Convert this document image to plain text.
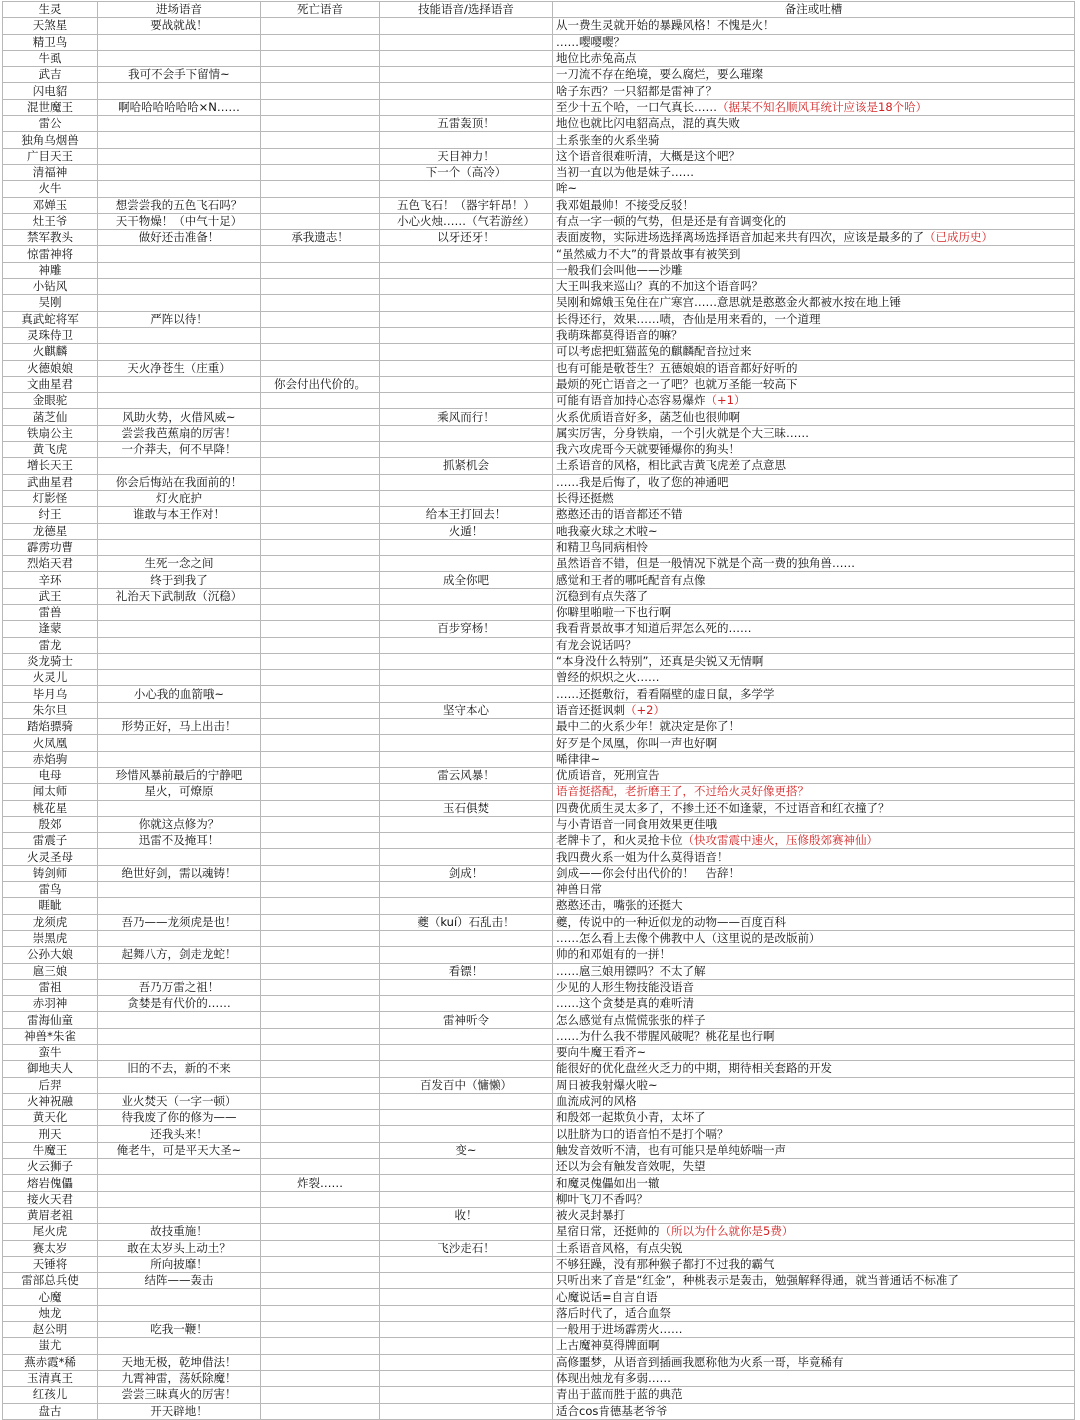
生灵	进场语音	死亡语音	技能语音/选择语音	备注或吐槽
天煞星	要战就战！			从一费生灵就开始的暴躁风格！不愧是火！
精卫鸟				……嘤嘤嘤？
牛虱				地位比赤兔高点
武吉	我可不会手下留情~			一刀流不存在绝境，要么腐烂，要么璀璨
闪电貂				啥子东西？一只貂都是雷神了？
混世魔王	啊哈哈哈哈哈哈×N……			至少十五个哈，一口气真长……（据某不知名顺风耳统计应该是18个哈）
雷公			五雷轰顶！	地位也就比闪电貂高点，混的真失败
独角乌烟兽				土系张奎的火系坐骑
广目天王			天目神力！	这个语音很难听清，大概是这个吧？
清福神			下一个（高冷）	当初一直以为他是妹子……
火牛				哞~
邓婵玉	想尝尝我的五色飞石吗？		五色飞石！（器宇轩昂！）	我邓姐最帅！不接受反驳！
灶王爷	天干物燥！（中气十足）		小心火烛……（气若游丝）	有点一字一顿的气势，但是还是有音调变化的
禁军教头	做好还击准备！	承我遗志！	以牙还牙！	表面废物，实际进场选择离场选择语音加起来共有四次，应该是最多的了（已成历史）
惊雷神将				“虽然威力不大”的背景故事有被笑到
神雕				一般我们会叫他——沙雕
小钻风				大王叫我来巡山？真的不加这个语音吗？
吴刚				吴刚和嫦娥玉兔住在广寒宫……意思就是憨憨金火都被水按在地上锤
真武蛇将军	严阵以待！			长得还行，效果……啧，杏仙是用来看的，一个道理
灵珠侍卫				我萌珠都莫得语音的嘛？
火麒麟				可以考虑把虹猫蓝兔的麒麟配音拉过来
火德娘娘	天火净苍生（庄重）			也有可能是敬苍生？五德娘娘的语音都好好听的
文曲星君		你会付出代价的。		最烦的死亡语音之一了吧？也就万圣能一较高下
金眼驼				可能有语音加持心态容易爆炸（+1）
菡芝仙	风助火势，火借风威~		乘风而行！	火系优质语音好多，菡芝仙也很帅啊
铁扇公主	尝尝我芭蕉扇的厉害！			属实厉害，分身铁扇，一个引火就是个大三昧……
黄飞虎	一介莽夫，何不早降！			我六攻虎哥今天就要锤爆你的狗头！
增长天王			抓紧机会	土系语音的风格，相比武吉黄飞虎差了点意思
武曲星君	你会后悔站在我面前的！			……我是后悔了，收了您的神通吧
灯影怪	灯火庇护			长得还挺燃
纣王	谁敢与本王作对！		给本王打回去！	憨憨还击的语音都还不错
龙德星			火遁！	吔我豪火球之术啦~
霹雳功曹				和精卫鸟同病相怜
烈焰天君	生死一念之间			虽然语音不错，但是一般情况下就是个高一费的独角兽……
辛环	终于到我了		成全你吧	感觉和王者的哪吒配音有点像
武王	礼治天下武制敌（沉稳）			沉稳到有点失落了
雷兽				你噼里啪啦一下也行啊
逢蒙			百步穿杨！	我看背景故事才知道后羿怎么死的……
雷龙				有龙会说话吗？
炎龙骑士				“本身没什么特别”，还真是尖锐又无情啊
火灵儿				曾经的炽炽之火……
毕月乌	小心我的血箭哦~			……还挺敷衍，看看隔壁的虚日鼠，多学学
朱尔旦			坚守本心	语音还挺讽刺（+2）
踏焰骠骑	形势正好，马上出击！			最中二的火系少年！就决定是你了！
火凤凰				好歹是个凤凰，你叫一声也好啊
赤焰驹				唏律律~
电母	珍惜风暴前最后的宁静吧		雷云风暴！	优质语音，死刑宣告
闻太师	星火，可燎原			语音挺搭配，老折磨王了，不过给火灵好像更搭？
桃花星			玉石俱焚	四费优质生灵太多了，不掺土还不如逢蒙，不过语音和红衣撞了？
殷郊	你就这点修为？			与小青语音一同食用效果更佳哦
雷震子	迅雷不及掩耳！			老牌卡了，和火灵抢卡位（快攻雷震中速火，压修殷郊赛神仙）
火灵圣母				我四费火系一姐为什么莫得语音！
铸剑师	绝世好剑，需以魂铸！		剑成！	剑成——你会付出代价的！　告辞！
雷鸟				神兽日常
睚眦				憨憨还击，嘴张的还挺大
龙须虎	吾乃——龙须虎是也！		夔（kuí）石乱击！	夔，传说中的一种近似龙的动物——百度百科
崇黑虎				……怎么看上去像个佛教中人（这里说的是改版前）
公孙大娘	起舞八方，剑走龙蛇！			帅的和邓姐有的一拼！
扈三娘			看镖！	……扈三娘用镖吗？不太了解
雷祖	吾乃万雷之祖！			少见的人形生物技能没语音
赤羽神	贪婪是有代价的……			……这个贪婪是真的难听清
雷海仙童			雷神听令	怎么感觉有点慌慌张张的样子
神兽*朱雀				……为什么我不带腥风破呢？桃花星也行啊
蛮牛				要向牛魔王看齐~
御地夫人	旧的不去，新的不来			能很好的优化盘丝火乏力的中期，期待相关套路的开发
后羿			百发百中（慵懒）	周日被我射爆火啦~
火神祝融	业火焚天（一字一顿）			血流成河的风格
黄天化	待我废了你的修为——			和殷郊一起欺负小青，太坏了
刑天	还我头来！			以肚脐为口的语音怕不是打个嗝？
牛魔王	俺老牛，可是平天大圣~		变~	触发音效听不清，也有可能只是单纯娇喘一声
火云狮子				还以为会有触发音效呢，失望
熔岩傀儡		炸裂……		和魔灵傀儡如出一辙
接火天君				柳叶飞刀不香吗？
黄眉老祖			收！	被火灵封暴打
尾火虎	故技重施！			星宿日常，还挺帅的（所以为什么就你是5费）
赛太岁	敢在太岁头上动土？		飞沙走石！	土系语音风格，有点尖锐
天锤将	所向披靡！			不够狂躁，没有那种猴子都打不过我的霸气
雷部总兵使	结阵——轰击			只听出来了音是“红金”，种桃表示是轰击，勉强解释得通，就当普通话不标准了
心魔				心魔说话=自言自语
烛龙				落后时代了，适合血祭
赵公明	吃我一鞭！			一般用于进场霹雳火……
蚩尤				上古魔神莫得牌面啊
燕赤霞*稀	天地无极，乾坤借法！			高修噩梦，从语音到插画我愿称他为火系一哥，毕竟稀有
玉清真王	九霄神雷，荡妖除魔！			体现出烛龙有多弱……
红孩儿	尝尝三昧真火的厉害！			青出于蓝而胜于蓝的典范
盘古	开天辟地！			适合cos肯德基老爷爷
